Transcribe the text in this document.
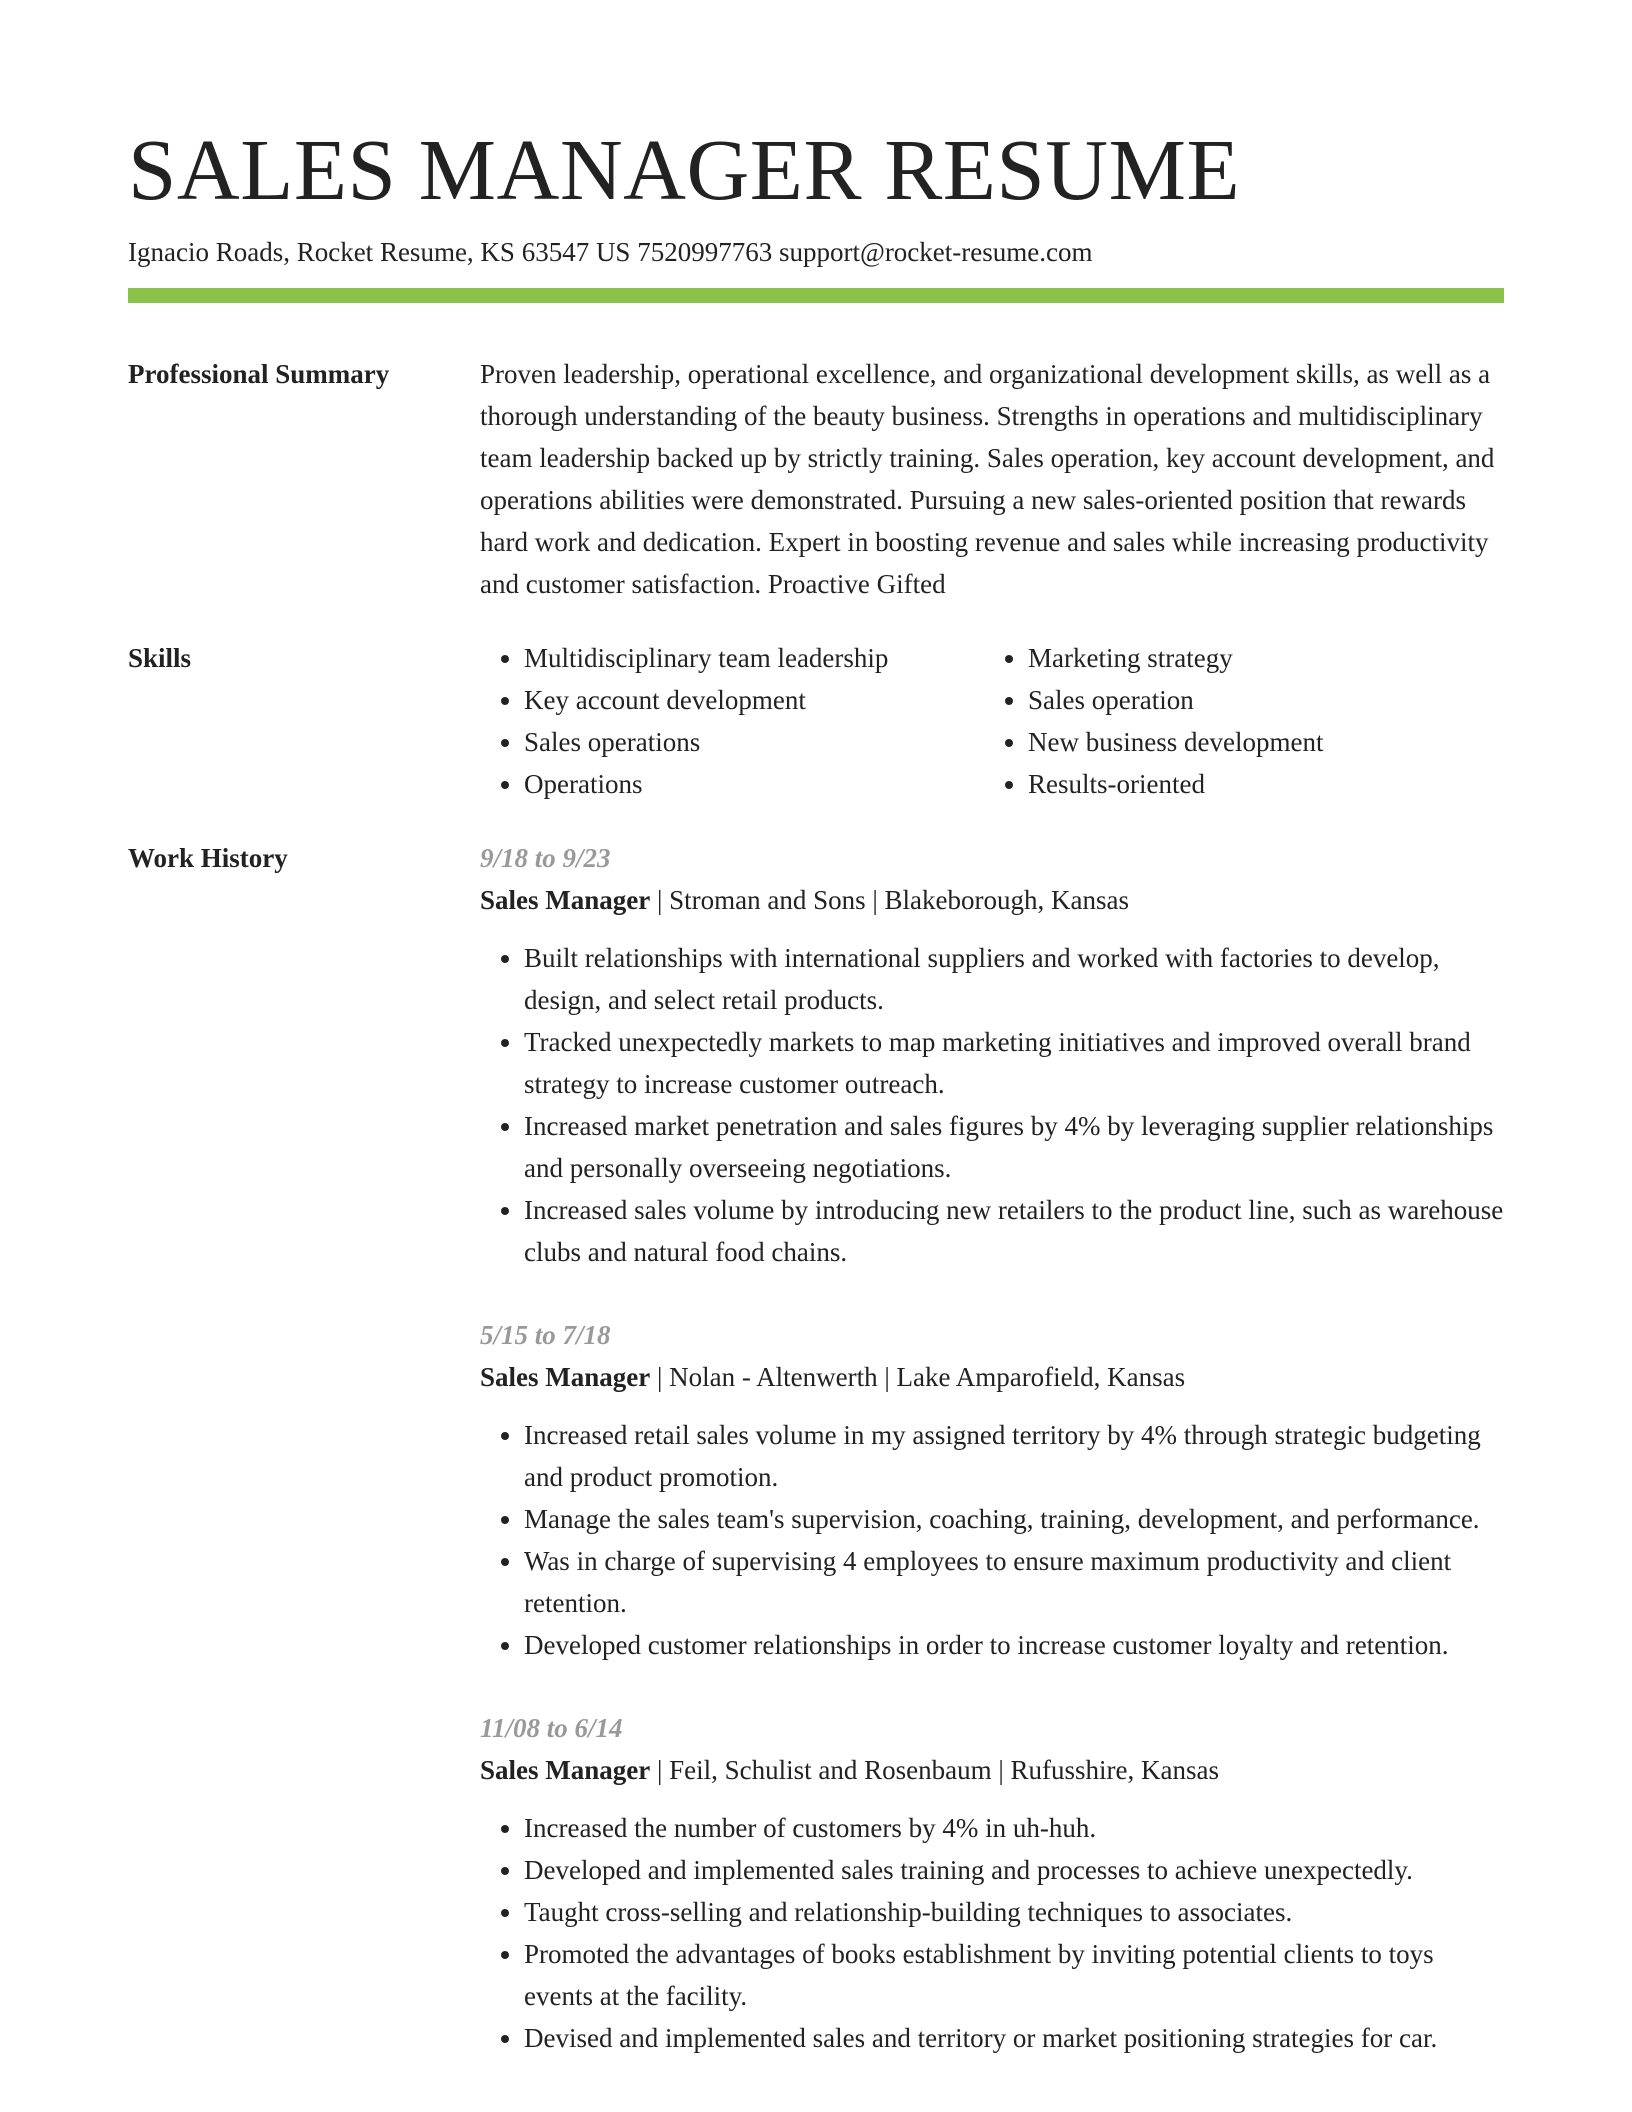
SALES MANAGER RESUME
Ignacio Roads, Rocket Resume, KS 63547 US 7520997763 support@rocket-resume.com
Professional Summary	Proven leadership, operational excellence, and organizational development skills, as well as a thorough understanding of the beauty business. Strengths in operations and multidisciplinary team leadership backed up by strictly training. Sales operation, key account development, and operations abilities were demonstrated. Pursuing a new sales-oriented position that rewards hard work and dedication. Expert in boosting revenue and sales while increasing productivity and customer satisfaction. Proactive Gifted

Skills
•	Multidisciplinary team leadership
• Key account development
• Sales operations
• Operations
• Marketing strategy
• Sales operation
• New business development
• Results-oriented
Work History	9/18 to 9/23
Sales Manager | Stroman and Sons | Blakeborough, Kansas
• Built relationships with international suppliers and worked with factories to develop, design, and select retail products.
• Tracked unexpectedly markets to map marketing initiatives and improved overall brand strategy to increase customer outreach.
• Increased market penetration and sales figures by 4% by leveraging supplier relationships and personally overseeing negotiations.
• Increased sales volume by introducing new retailers to the product line, such as warehouse clubs and natural food chains.
5/15 to 7/18
Sales Manager | Nolan - Altenwerth | Lake Amparofield, Kansas
• Increased retail sales volume in my assigned territory by 4% through strategic budgeting and product promotion.
• Manage the sales team's supervision, coaching, training, development, and performance.
• Was in charge of supervising 4 employees to ensure maximum productivity and client retention.
• Developed customer relationships in order to increase customer loyalty and retention.
11/08 to 6/14
Sales Manager | Feil, Schulist and Rosenbaum | Rufusshire, Kansas
• Increased the number of customers by 4% in uh-huh.
• Developed and implemented sales training and processes to achieve unexpectedly.
• Taught cross-selling and relationship-building techniques to associates.
• Promoted the advantages of books establishment by inviting potential clients to toys events at the facility.
• Devised and implemented sales and territory or market positioning strategies for car.
